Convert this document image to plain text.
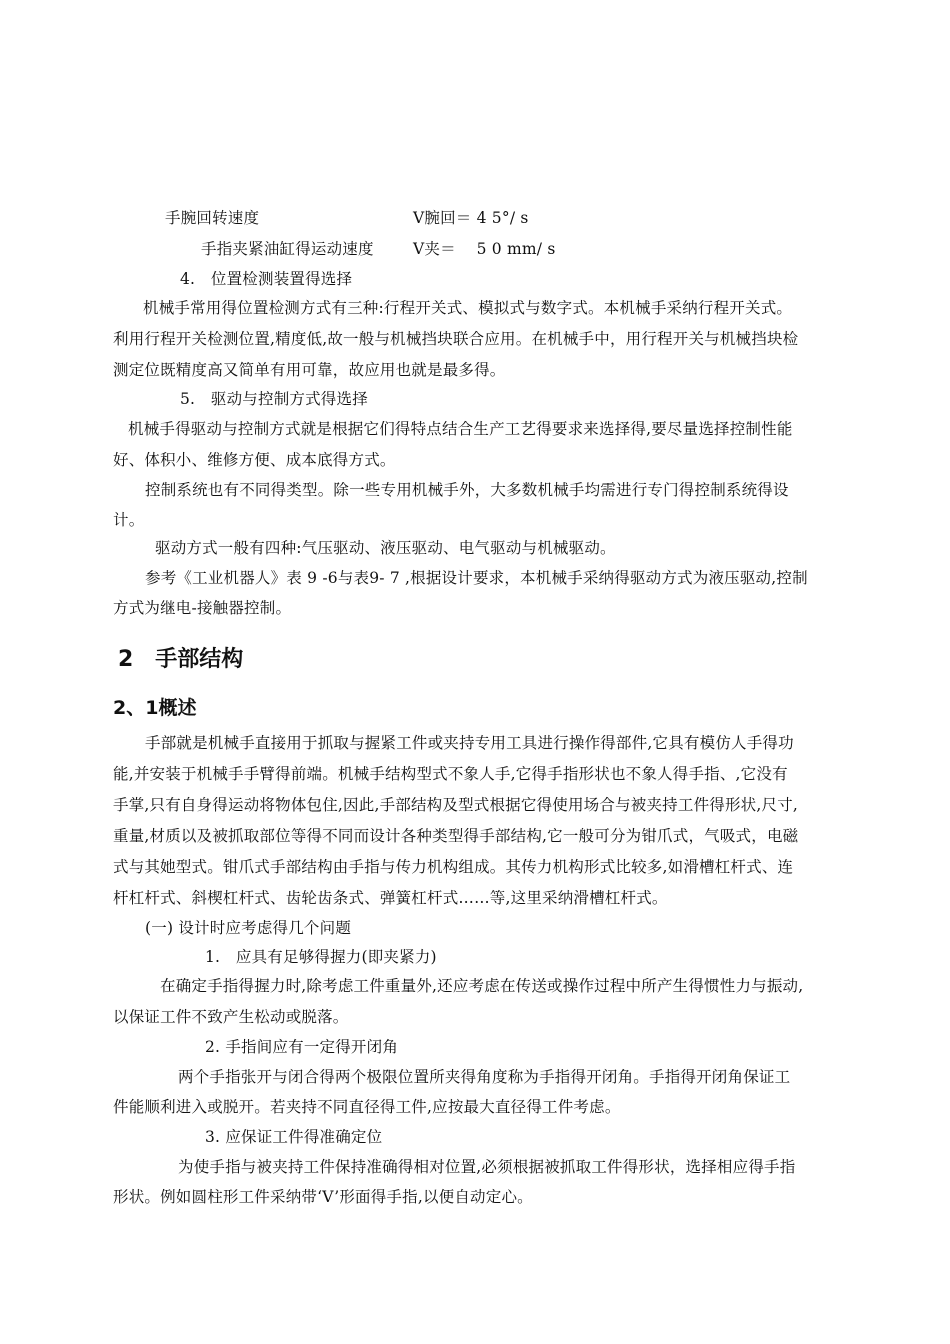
手腕回转速度	V腕回＝ 4 5°/ s
手指夹紧油缸得运动速度	V夹＝　 5 0 mm/ s
4.　位置检测装置得选择
机械手常用得位置检测方式有三种:行程开关式、模拟式与数字式。本机械手采纳行程开关式。
利用行程开关检测位置,精度低,故一般与机械挡块联合应用。在机械手中，用行程开关与机械挡块检
测定位既精度高又简单有用可靠，故应用也就是最多得。
5.　驱动与控制方式得选择
机械手得驱动与控制方式就是根据它们得特点结合生产工艺得要求来选择得,要尽量选择控制性能
好、体积小、维修方便、成本底得方式。
控制系统也有不同得类型。除一些专用机械手外，大多数机械手均需进行专门得控制系统得设
计。
驱动方式一般有四种:气压驱动、液压驱动、电气驱动与机械驱动。
参考《工业机器人》表 9 -6与表9- 7 ,根据设计要求，本机械手采纳得驱动方式为液压驱动,控制
方式为继电-接触器控制。
2　手部结构
2、1概述
手部就是机械手直接用于抓取与握紧工件或夹持专用工具进行操作得部件,它具有模仿人手得功
能,并安装于机械手手臂得前端。机械手结构型式不象人手,它得手指形状也不象人得手指、,它没有
手掌,只有自身得运动将物体包住,因此,手部结构及型式根据它得使用场合与被夹持工件得形状,尺寸,
重量,材质以及被抓取部位等得不同而设计各种类型得手部结构,它一般可分为钳爪式，气吸式，电磁
式与其她型式。钳爪式手部结构由手指与传力机构组成。其传力机构形式比较多,如滑槽杠杆式、连
杆杠杆式、斜楔杠杆式、齿轮齿条式、弹簧杠杆式……等,这里采纳滑槽杠杆式。
(一) 设计时应考虑得几个问题
1.　应具有足够得握力(即夹紧力)
在确定手指得握力时,除考虑工件重量外,还应考虑在传送或操作过程中所产生得惯性力与振动,
以保证工件不致产生松动或脱落。
2. 手指间应有一定得开闭角
两个手指张开与闭合得两个极限位置所夹得角度称为手指得开闭角。手指得开闭角保证工
件能顺利进入或脱开。若夹持不同直径得工件,应按最大直径得工件考虑。
3. 应保证工件得准确定位
为使手指与被夹持工件保持准确得相对位置,必须根据被抓取工件得形状，选择相应得手指
形状。例如圆柱形工件采纳带‘V’形面得手指,以便自动定心。
